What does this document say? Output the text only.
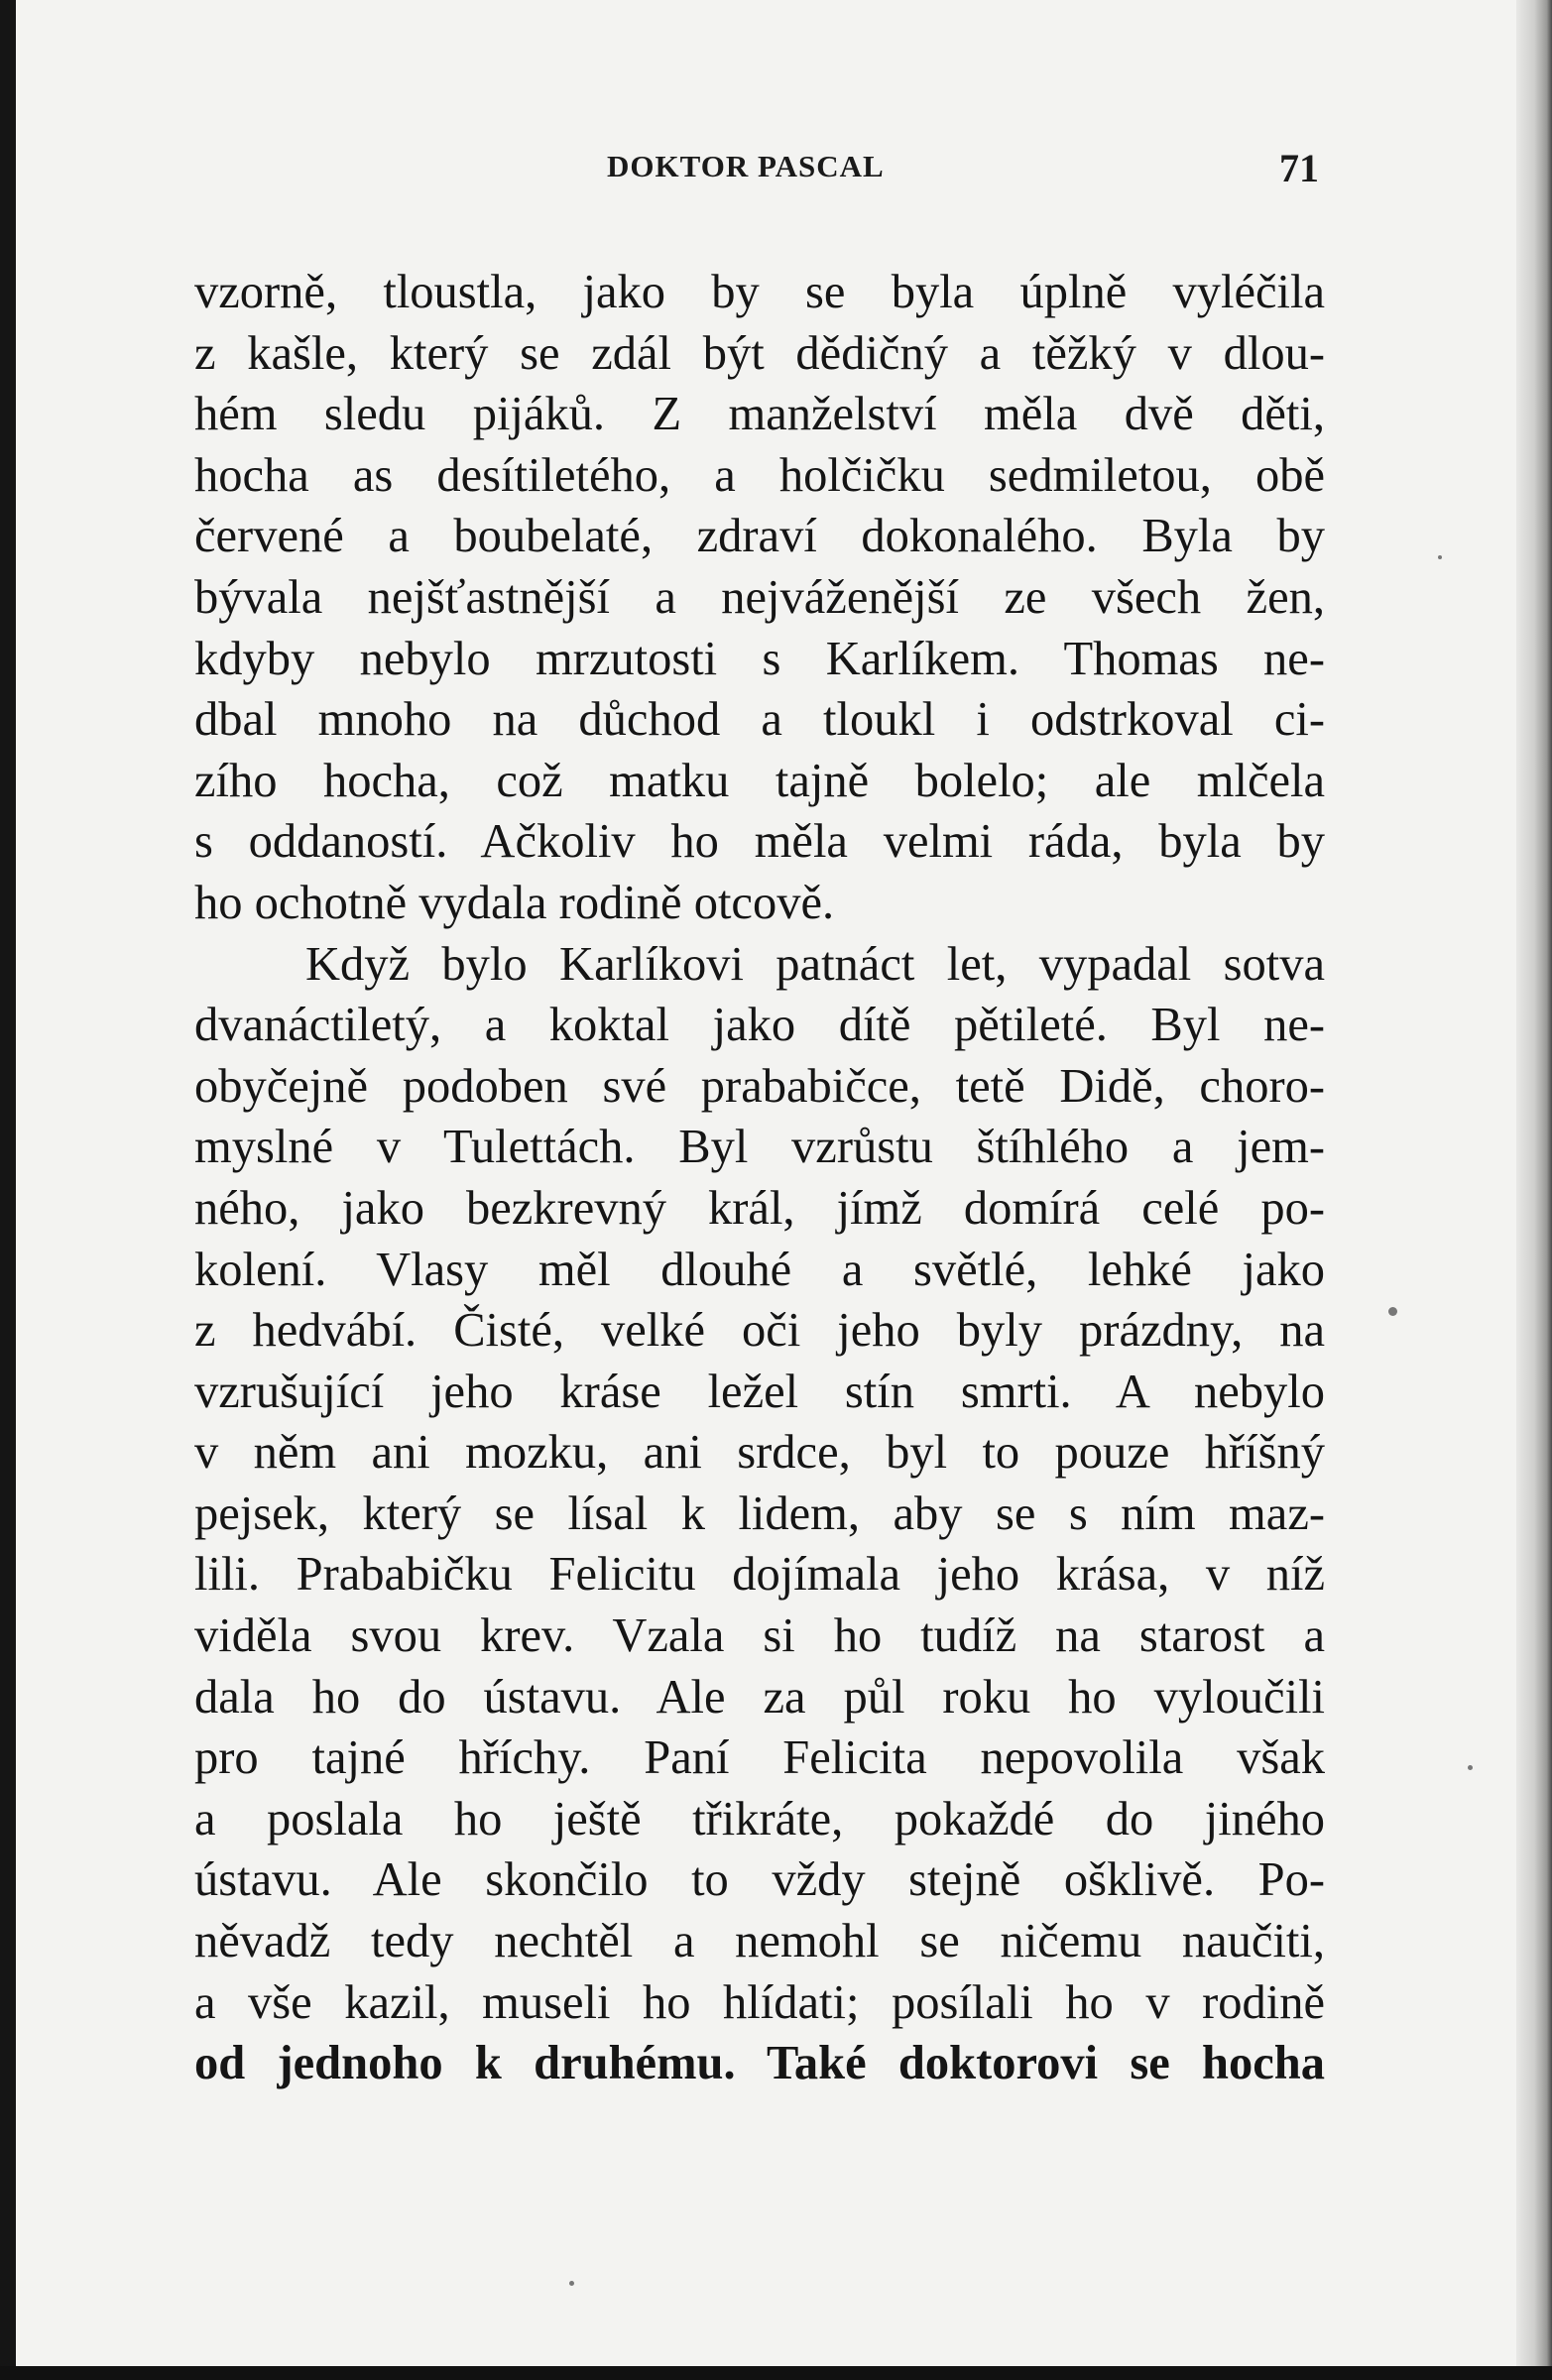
DOKTOR PASCAL	71
vzorně, tloustla, jako by se byla úplně vyléčila
z kašle, který se zdál být dědičný a těžký v dlou-
hém sledu pijáků. Z manželství měla dvě děti,
hocha as desítiletého, a holčičku sedmiletou, obě
červené a boubelaté, zdraví dokonalého. Byla by
bývala nejšťastnější a nejváženější ze všech žen,
kdyby nebylo mrzutosti s Karlíkem. Thomas ne-
dbal mnoho na důchod a tloukl i odstrkoval ci-
zího hocha, což matku tajně bolelo; ale mlčela
s oddaností. Ačkoliv ho měla velmi ráda, byla by
ho ochotně vydala rodině otcově.
Když bylo Karlíkovi patnáct let, vypadal sotva
dvanáctiletý, a koktal jako dítě pětileté. Byl ne-
obyčejně podoben své prababičce, tetě Didě, choro-
myslné v Tulettách. Byl vzrůstu štíhlého a jem-
ného, jako bezkrevný král, jímž domírá celé po-
kolení. Vlasy měl dlouhé a světlé, lehké jako
z hedvábí. Čisté, velké oči jeho byly prázdny, na
vzrušující jeho kráse ležel stín smrti. A nebylo
v něm ani mozku, ani srdce, byl to pouze hříšný
pejsek, který se lísal k lidem, aby se s ním maz-
lili. Prababičku Felicitu dojímala jeho krása, v níž
viděla svou krev. Vzala si ho tudíž na starost a
dala ho do ústavu. Ale za půl roku ho vyloučili
pro tajné hříchy. Paní Felicita nepovolila však
a poslala ho ještě třikráte, pokaždé do jiného
ústavu. Ale skončilo to vždy stejně ošklivě. Po-
něvadž tedy nechtěl a nemohl se ničemu naučiti,
a vše kazil, museli ho hlídati; posílali ho v rodině
od jednoho k druhému. Také doktorovi se hocha
